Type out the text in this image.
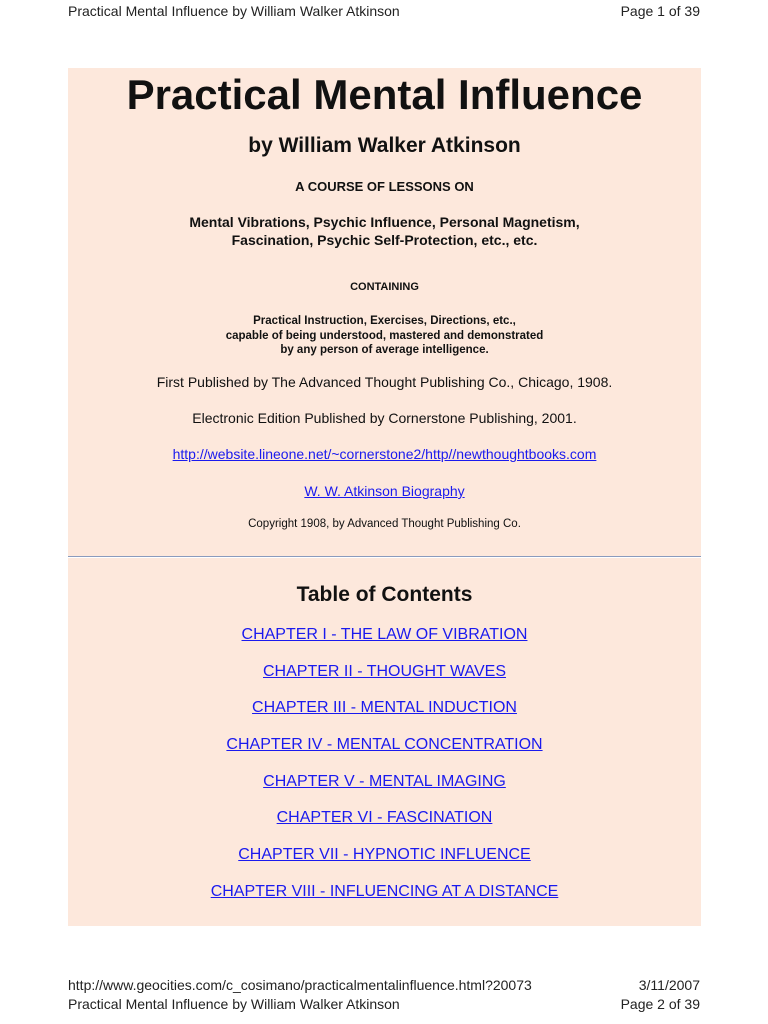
Practical Mental Influence by William Walker Atkinson	Page 1 of 39
Practical Mental Influence
by William Walker Atkinson
A COURSE OF LESSONS ON
Mental Vibrations, Psychic Influence, Personal Magnetism,
Fascination, Psychic Self-Protection, etc., etc.
CONTAINING
Practical Instruction, Exercises, Directions, etc.,
capable of being understood, mastered and demonstrated
by any person of average intelligence.
First Published by The Advanced Thought Publishing Co., Chicago, 1908.
Electronic Edition Published by Cornerstone Publishing, 2001.
http://website.lineone.net/~cornerstone2/http//newthoughtbooks.com
W. W. Atkinson Biography
Copyright 1908, by Advanced Thought Publishing Co.
Table of Contents
CHAPTER I - THE LAW OF VIBRATION
CHAPTER II - THOUGHT WAVES
CHAPTER III - MENTAL INDUCTION
CHAPTER IV - MENTAL CONCENTRATION
CHAPTER V - MENTAL IMAGING
CHAPTER VI - FASCINATION
CHAPTER VII - HYPNOTIC INFLUENCE
CHAPTER VIII - INFLUENCING AT A DISTANCE
http://www.geocities.com/c_cosimano/practicalmentalinfluence.html?20073	3/11/2007
Practical Mental Influence by William Walker Atkinson	Page 2 of 39
